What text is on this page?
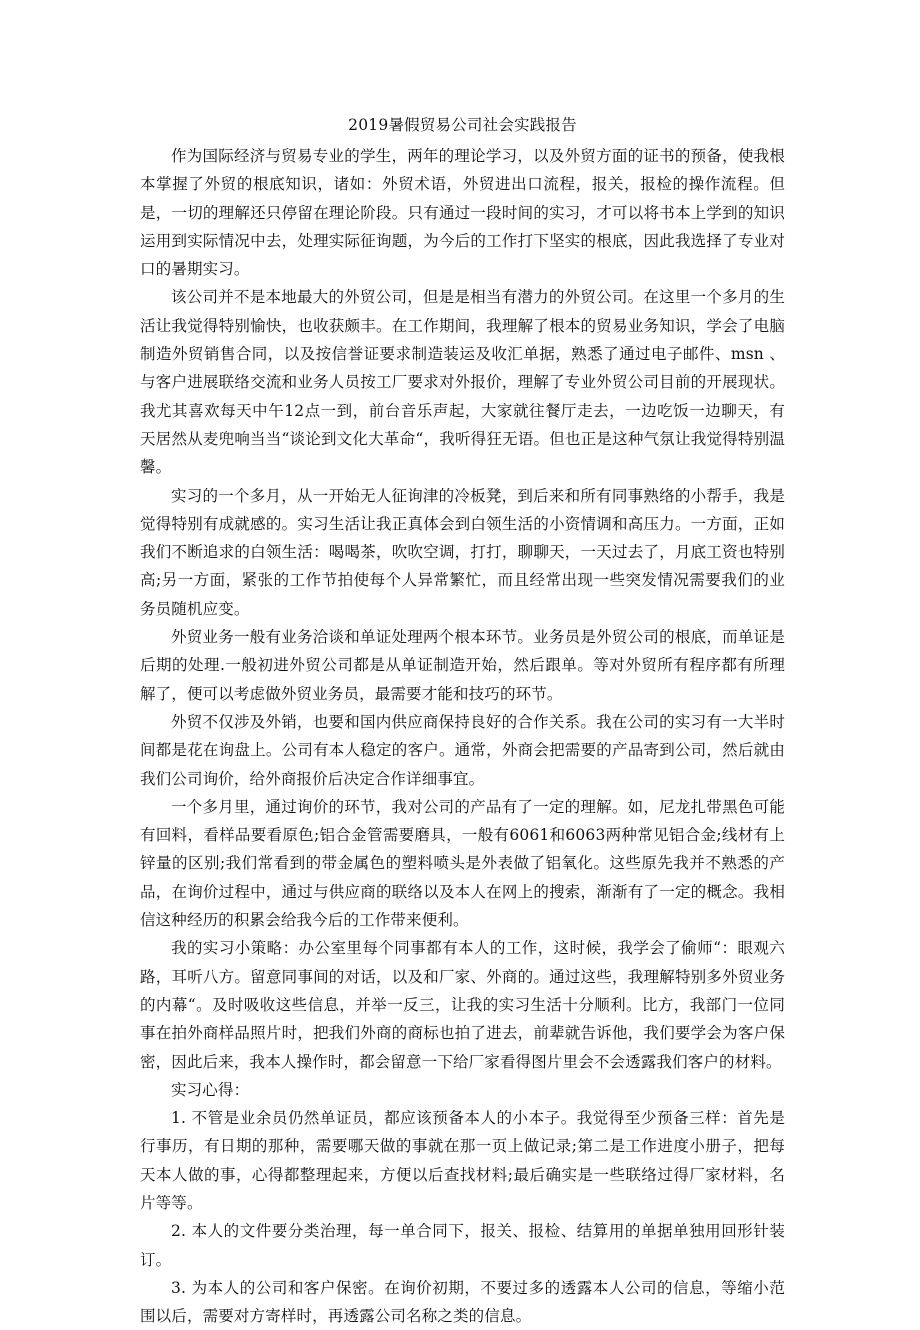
2019暑假贸易公司社会实践报告

作为国际经济与贸易专业的学生，两年的理论学习，以及外贸方面的证书的预备，使我根本掌握了外贸的根底知识，诸如：外贸术语，外贸进出口流程，报关，报检的操作流程。但是，一切的理解还只停留在理论阶段。只有通过一段时间的实习，才可以将书本上学到的知识运用到实际情况中去，处理实际征询题，为今后的工作打下坚实的根底，因此我选择了专业对口的暑期实习。

该公司并不是本地最大的外贸公司，但是是相当有潜力的外贸公司。在这里一个多月的生活让我觉得特别愉快，也收获颇丰。在工作期间，我理解了根本的贸易业务知识，学会了电脑制造外贸销售合同，以及按信誉证要求制造装运及收汇单据，熟悉了通过电子邮件、msn 、与客户进展联络交流和业务人员按工厂要求对外报价，理解了专业外贸公司目前的开展现状。我尤其喜欢每天中午12点一到，前台音乐声起，大家就往餐厅走去，一边吃饭一边聊天，有天居然从麦兜响当当“谈论到文化大革命“，我听得狂无语。但也正是这种气氛让我觉得特别温馨。

实习的一个多月，从一开始无人征询津的冷板凳，到后来和所有同事熟络的小帮手，我是觉得特别有成就感的。实习生活让我正真体会到白领生活的小资情调和高压力。一方面，正如我们不断追求的白领生活：喝喝茶，吹吹空调，打打，聊聊天，一天过去了，月底工资也特别高;另一方面，紧张的工作节拍使每个人异常繁忙，而且经常出现一些突发情况需要我们的业务员随机应变。

外贸业务一般有业务洽谈和单证处理两个根本环节。业务员是外贸公司的根底，而单证是后期的处理.一般初进外贸公司都是从单证制造开始，然后跟单。等对外贸所有程序都有所理解了，便可以考虑做外贸业务员，最需要才能和技巧的环节。

外贸不仅涉及外销，也要和国内供应商保持良好的合作关系。我在公司的实习有一大半时间都是花在询盘上。公司有本人稳定的客户。通常，外商会把需要的产品寄到公司，然后就由我们公司询价，给外商报价后决定合作详细事宜。

一个多月里，通过询价的环节，我对公司的产品有了一定的理解。如，尼龙扎带黑色可能有回料，看样品要看原色;铝合金管需要磨具，一般有6061和6063两种常见铝合金;线材有上锌量的区别;我们常看到的带金属色的塑料喷头是外表做了铝氧化。这些原先我并不熟悉的产品，在询价过程中，通过与供应商的联络以及本人在网上的搜索，渐渐有了一定的概念。我相信这种经历的积累会给我今后的工作带来便利。

我的实习小策略：办公室里每个同事都有本人的工作，这时候，我学会了偷师“：眼观六路，耳听八方。留意同事间的对话，以及和厂家、外商的。通过这些，我理解特别多外贸业务的内幕“。及时吸收这些信息，并举一反三，让我的实习生活十分顺利。比方，我部门一位同事在拍外商样品照片时，把我们外商的商标也拍了进去，前辈就告诉他，我们要学会为客户保密，因此后来，我本人操作时，都会留意一下给厂家看得图片里会不会透露我们客户的材料。

实习心得：

1. 不管是业余员仍然单证员，都应该预备本人的小本子。我觉得至少预备三样：首先是行事历，有日期的那种，需要哪天做的事就在那一页上做记录;第二是工作进度小册子，把每天本人做的事，心得都整理起来，方便以后查找材料;最后确实是一些联络过得厂家材料，名片等等。

2. 本人的文件要分类治理，每一单合同下，报关、报检、结算用的单据单独用回形针装订。

3. 为本人的公司和客户保密。在询价初期，不要过多的透露本人公司的信息，等缩小范围以后，需要对方寄样时，再透露公司名称之类的信息。
